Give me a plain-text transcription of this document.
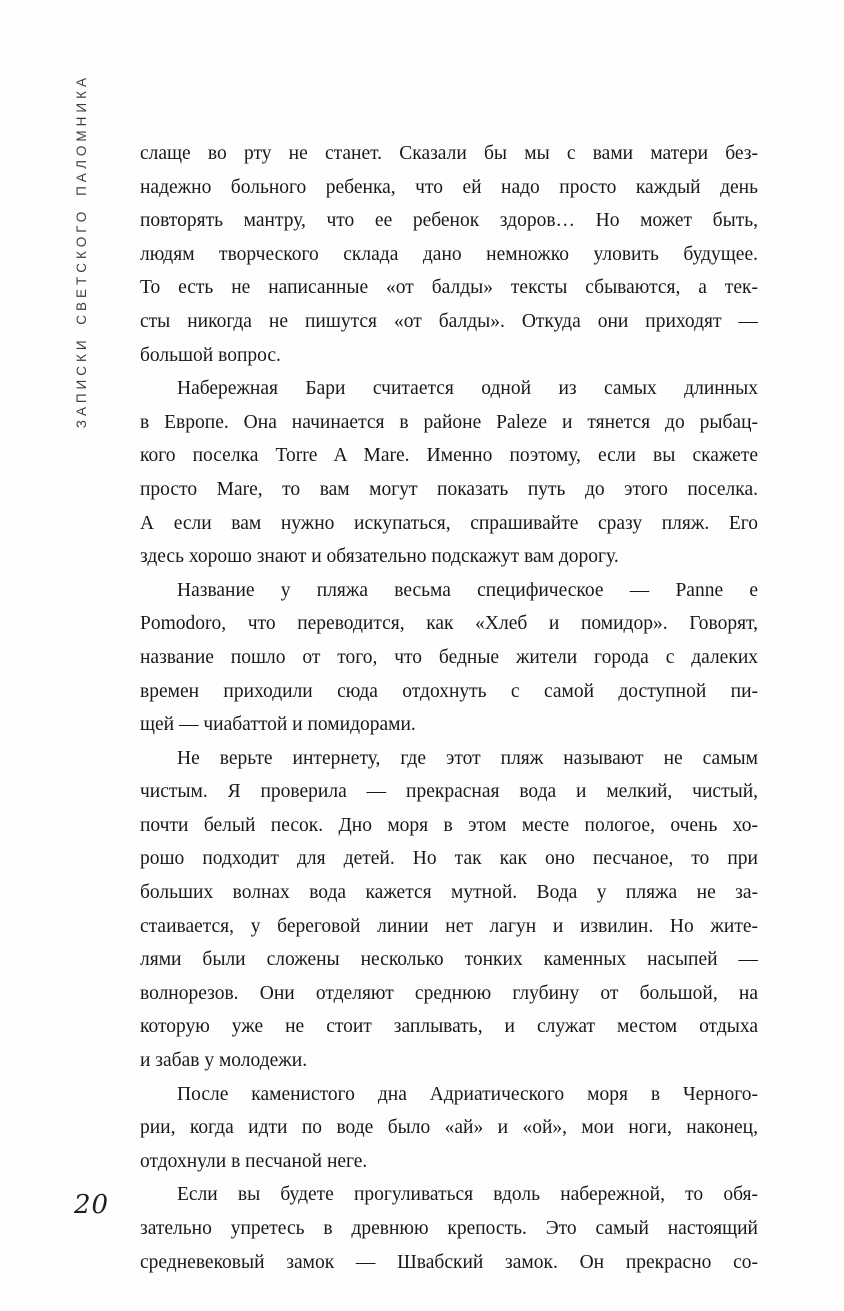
ЗАПИСКИ СВЕТСКОГО ПАЛОМНИКА	слаще во рту не станет. Сказали бы мы с вами матери без-
надежно больного ребенка, что ей надо просто каждый день
повторять мантру, что ее ребенок здоров… Но может быть,
людям творческого склада дано немножко уловить будущее.
То есть не написанные «от балды» тексты сбываются, а тек-
сты никогда не пишутся «от балды». Откуда они приходят —
большой вопрос.
Набережная Бари считается одной из самых длинных
в Европе. Она начинается в районе Paleze и тянется до рыбац-
кого поселка Torre A Mare. Именно поэтому, если вы скажете
просто Mare, то вам могут показать путь до этого поселка.
А если вам нужно искупаться, спрашивайте сразу пляж. Его
здесь хорошо знают и обязательно подскажут вам дорогу.
Название у пляжа весьма специфическое — Panne e
Pomodoro, что переводится, как «Хлеб и помидор». Говорят,
название пошло от того, что бедные жители города с далеких
времен приходили сюда отдохнуть с самой доступной пи-
щей — чиабаттой и помидорами.
Не верьте интернету, где этот пляж называют не самым
чистым. Я проверила — прекрасная вода и мелкий, чистый,
почти белый песок. Дно моря в этом месте пологое, очень хо-
рошо подходит для детей. Но так как оно песчаное, то при
больших волнах вода кажется мутной. Вода у пляжа не за-
стаивается, у береговой линии нет лагун и извилин. Но жите-
лями были сложены несколько тонких каменных насыпей —
волнорезов. Они отделяют среднюю глубину от большой, на
которую уже не стоит заплывать, и служат местом отдыха
и забав у молодежи.
После каменистого дна Адриатического моря в Черного-
рии, когда идти по воде было «ай» и «ой», мои ноги, наконец,
отдохнули в песчаной неге.
Если вы будете прогуливаться вдоль набережной, то обя-
зательно упретесь в древнюю крепость. Это самый настоящий
средневековый замок — Швабский замок. Он прекрасно со-
20
